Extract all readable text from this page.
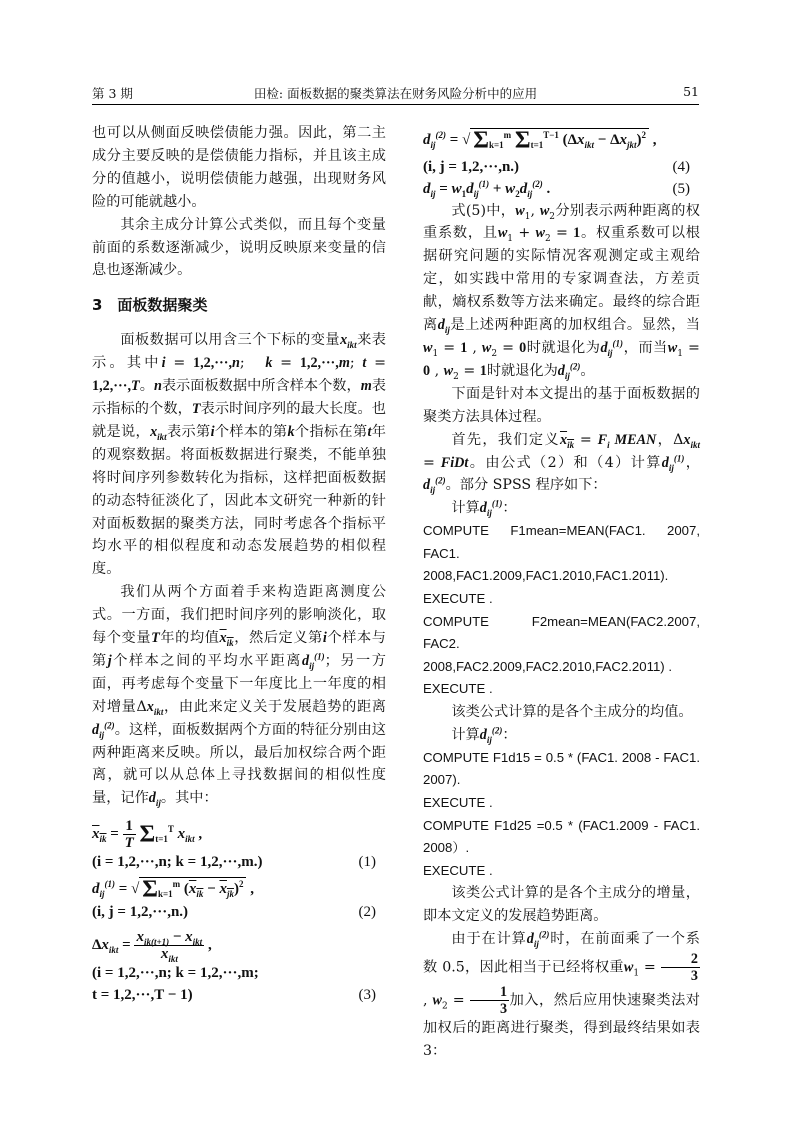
第 3 期	田检: 面板数据的聚类算法在财务风险分析中的应用	51

也可以从侧面反映偿债能力强。因此，第二主成分主要反映的是偿债能力指标，并且该主成分的值越小，说明偿债能力越强，出现财务风险的可能就越小。

其余主成分计算公式类似，而且每个变量前面的系数逐渐减少，说明反映原来变量的信息也逐渐减少。

3　面板数据聚类

面板数据可以用含三个下标的变量$x_{ikt}$来表示。其中i = 1,2,···,n;　k = 1,2,···,m; t = 1,2,···,T。n表示面板数据中所含样本个数，m表示指标的个数，T表示时间序列的最大长度。也就是说，$x_{ikt}$表示第i个样本的第k个指标在第t年的观察数据。将面板数据进行聚类，不能单独将时间序列参数转化为指标，这样把面板数据的动态特征淡化了，因此本文研究一种新的针对面板数据的聚类方法，同时考虑各个指标平均水平的相似程度和动态发展趋势的相似程度。

我们从两个方面着手来构造距离测度公式。一方面，我们把时间序列的影响淡化，取每个变量T年的均值$x_{ik}$，然后定义第i个样本与第j个样本之间的平均水平距离$d_{ij}^{(1)}$；另一方面，再考虑每个变量下一年度比上一年度的相对增量$\Delta x_{ikt}$，由此来定义关于发展趋势的距离$d_{ij}^{(2)}$。这样，面板数据两个方面的特征分别由这两种距离来反映。所以，最后加权综合两个距离，就可以从总体上寻找数据间的相似性度量，记作$d_{ij}$。其中：

$x_{ik} = \frac{1}{T} \Sigma_{t=1}^T$ $x_{ikt}$ ,
(i = 1,2,···,n; k = 1,2,···,m.)	(1)
$d_{ij}^{(1)}$ = √ $\Sigma_{k=1}^m$ $(x_{ik} - x_{jk})^2$ ,
(i, j = 1,2,···,n.)	(2)
$\Delta x_{ikt} = \frac{x_{ik(t+1)} - x_{ikt}}{x_{ikt}}$ ,
(i = 1,2,···,n; k = 1,2,···,m;
t = 1,2,···,T − 1)	(3)
$d_{ij}^{(2)}$ = √ $\Sigma_{k=1}^m$ $\Sigma_{t=1}^{T-1}$ $(\Delta x_{ikt} - \Delta x_{jkt})^2$ ,
(i, j = 1,2,···,n.)	(4)
$d_{ij} = w_1d_{ij}^{(1)} + w_2d_{ij}^{(2)}$ .	(5)

式(5)中，$w_1$, $w_2$分别表示两种距离的权重系数，且$w_1 + w_2 = 1$。权重系数可以根据研究问题的实际情况客观测定或主观给定，如实践中常用的专家调查法，方差贡献，熵权系数等方法来确定。最终的综合距离$d_{ij}$是上述两种距离的加权组合。显然，当$w_1 = 1$ , $w_2 = 0$时就退化为$d_{ij}^{(1)}$，而当$w_1 = 0$ , $w_2 = 1$时就退化为$d_{ij}^{(2)}$。

下面是针对本文提出的基于面板数据的聚类方法具体过程。

首先，我们定义$x_{ik} = F_i$ MEAN，$\Delta x_{ikt}$ = FiDt。由公式（2）和（4）计算$d_{ij}^{(1)}$，$d_{ij}^{(2)}$。部分 SPSS 程序如下：

计算$d_{ij}^{(1)}$：

COMPUTE F1mean=MEAN(FAC1. 2007, FAC1. 2008,FAC1.2009,FAC1.2010,FAC1.2011).

EXECUTE .

COMPUTE F2mean=MEAN(FAC2.2007, FAC2. 2008,FAC2.2009,FAC2.2010,FAC2.2011) .

EXECUTE .

该类公式计算的是各个主成分的均值。

计算$d_{ij}^{(2)}$：

COMPUTE F1d15 = 0.5 * (FAC1. 2008 - FAC1. 2007).

EXECUTE .

COMPUTE F1d25 =0.5 * (FAC1.2009 - FAC1. 2008）.

EXECUTE .

该类公式计算的是各个主成分的增量，即本文定义的发展趋势距离。

由于在计算$d_{ij}^{(2)}$时，在前面乘了一个系数 0.5，因此相当于已经将权重$w_1 = \frac{2}{3}$
, $w_2 = \frac{1}{3}$ 加入，然后应用快速聚类法对加权后的距离进行聚类，得到最终结果如表 3：
